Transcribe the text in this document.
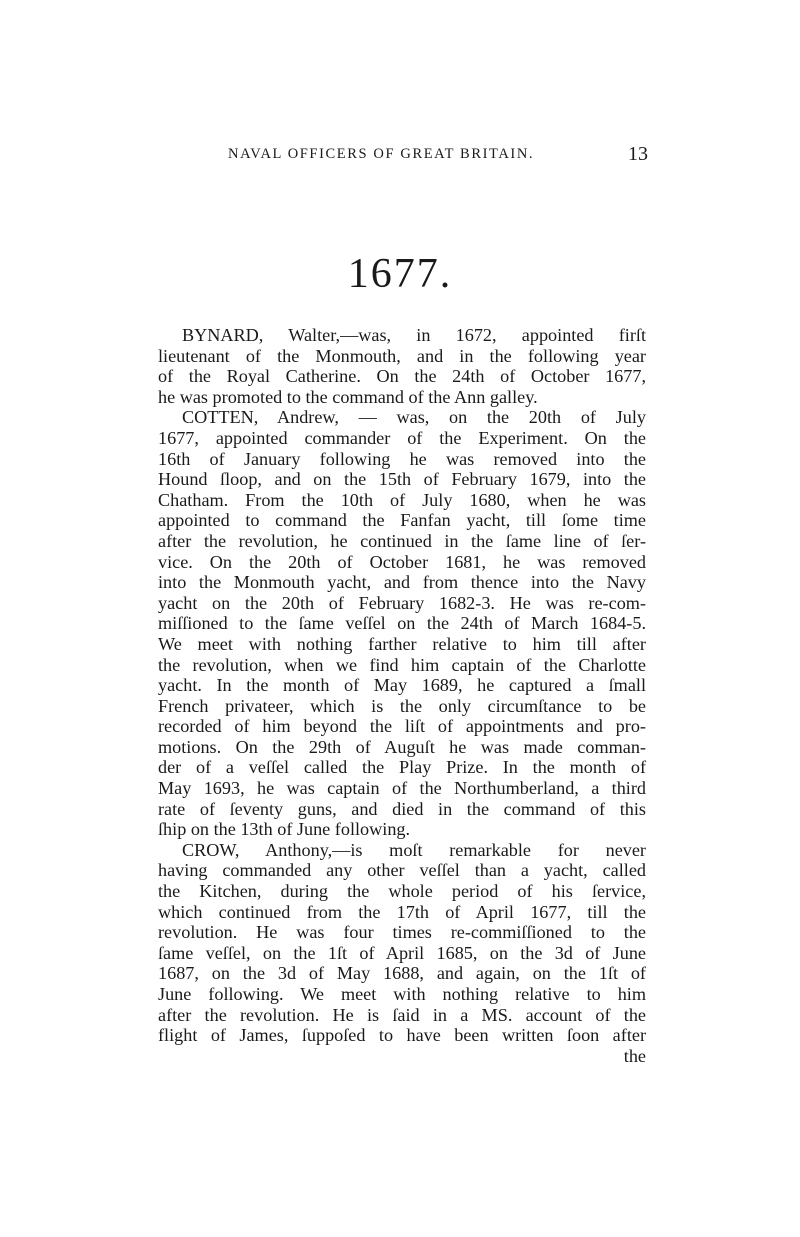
NAVAL OFFICERS OF GREAT BRITAIN.	13
1677.
BYNARD, Walter,—was, in 1672, appointed firſt
lieutenant of the Monmouth, and in the following year
of the Royal Catherine. On the 24th of October 1677,
he was promoted to the command of the Ann galley.
COTTEN, Andrew, — was, on the 20th of July
1677, appointed commander of the Experiment. On the
16th of January following he was removed into the
Hound ſloop, and on the 15th of February 1679, into the
Chatham. From the 10th of July 1680, when he was
appointed to command the Fanfan yacht, till ſome time
after the revolution, he continued in the ſame line of ſer-
vice. On the 20th of October 1681, he was removed
into the Monmouth yacht, and from thence into the Navy
yacht on the 20th of February 1682-3. He was re-com-
miſſioned to the ſame veſſel on the 24th of March 1684-5.
We meet with nothing farther relative to him till after
the revolution, when we find him captain of the Charlotte
yacht. In the month of May 1689, he captured a ſmall
French privateer, which is the only circumſtance to be
recorded of him beyond the liſt of appointments and pro-
motions. On the 29th of Auguſt he was made comman-
der of a veſſel called the Play Prize. In the month of
May 1693, he was captain of the Northumberland, a third
rate of ſeventy guns, and died in the command of this
ſhip on the 13th of June following.
CROW, Anthony,—is moſt remarkable for never
having commanded any other veſſel than a yacht, called
the Kitchen, during the whole period of his ſervice,
which continued from the 17th of April 1677, till the
revolution. He was four times re-commiſſioned to the
ſame veſſel, on the 1ſt of April 1685, on the 3d of June
1687, on the 3d of May 1688, and again, on the 1ſt of
June following. We meet with nothing relative to him
after the revolution. He is ſaid in a MS. account of the
flight of James, ſuppoſed to have been written ſoon after
the
